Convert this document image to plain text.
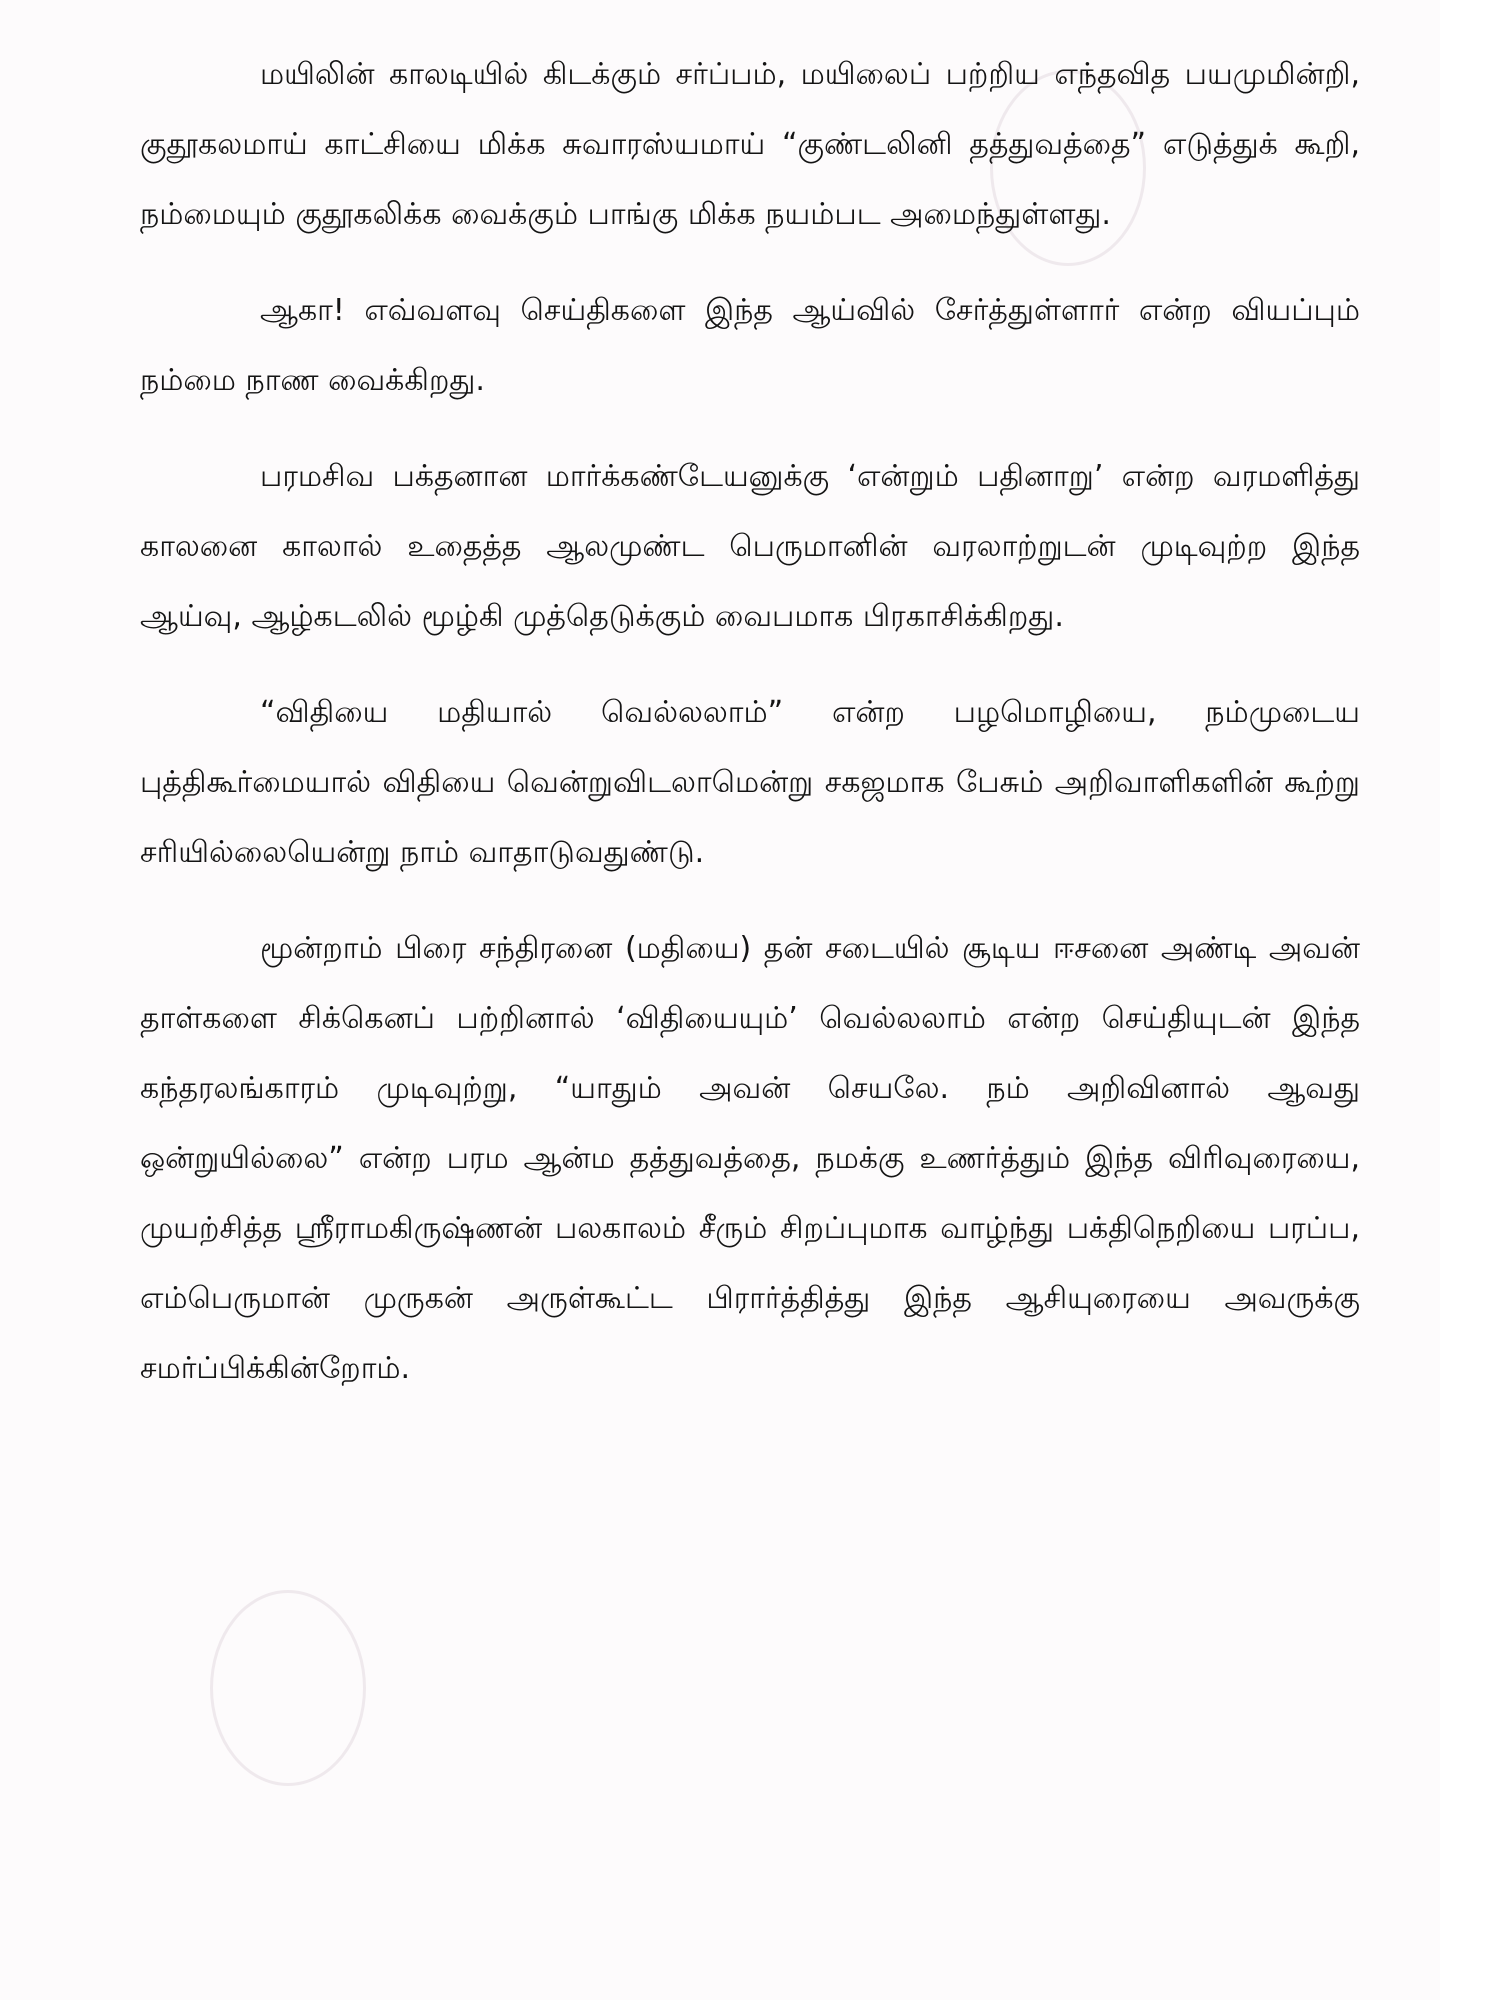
மயிலின் காலடியில் கிடக்கும் சர்ப்பம், மயிலைப் பற்றிய எந்தவித பயமுமின்றி, குதூகலமாய் காட்சியை மிக்க சுவாரஸ்யமாய் “குண்டலினி தத்துவத்தை” எடுத்துக் கூறி, நம்மையும் குதூகலிக்க வைக்கும் பாங்கு மிக்க நயம்பட அமைந்துள்ளது.

ஆகா! எவ்வளவு செய்திகளை இந்த ஆய்வில் சேர்த்துள்ளார் என்ற வியப்பும் நம்மை நாண வைக்கிறது.

பரமசிவ பக்தனான மார்க்கண்டேயனுக்கு ‘என்றும் பதினாறு’ என்ற வரமளித்து காலனை காலால் உதைத்த ஆலமுண்ட பெருமானின் வரலாற்றுடன் முடிவுற்ற இந்த ஆய்வு, ஆழ்கடலில் மூழ்கி முத்தெடுக்கும் வைபமாக பிரகாசிக்கிறது.

“விதியை மதியால் வெல்லலாம்” என்ற பழமொழியை, நம்முடைய புத்திகூர்மையால் விதியை வென்றுவிடலாமென்று சகஜமாக பேசும் அறிவாளிகளின் கூற்று சரியில்லையென்று நாம் வாதாடுவதுண்டு.

மூன்றாம் பிரை சந்திரனை (மதியை) தன் சடையில் சூடிய ஈசனை அண்டி அவன் தாள்களை சிக்கெனப் பற்றினால் ‘விதியையும்’ வெல்லலாம் என்ற செய்தியுடன் இந்த கந்தரலங்காரம் முடிவுற்று, “யாதும் அவன் செயலே. நம் அறிவினால் ஆவது ஒன்றுயில்லை” என்ற பரம ஆன்ம தத்துவத்தை, நமக்கு உணர்த்தும் இந்த விரிவுரையை, முயற்சித்த ஸ்ரீராமகிருஷ்ணன் பலகாலம் சீரும் சிறப்புமாக வாழ்ந்து பக்திநெறியை பரப்ப, எம்பெருமான் முருகன் அருள்கூட்ட பிரார்த்தித்து இந்த ஆசியுரையை அவருக்கு சமர்ப்பிக்கின்றோம்.
